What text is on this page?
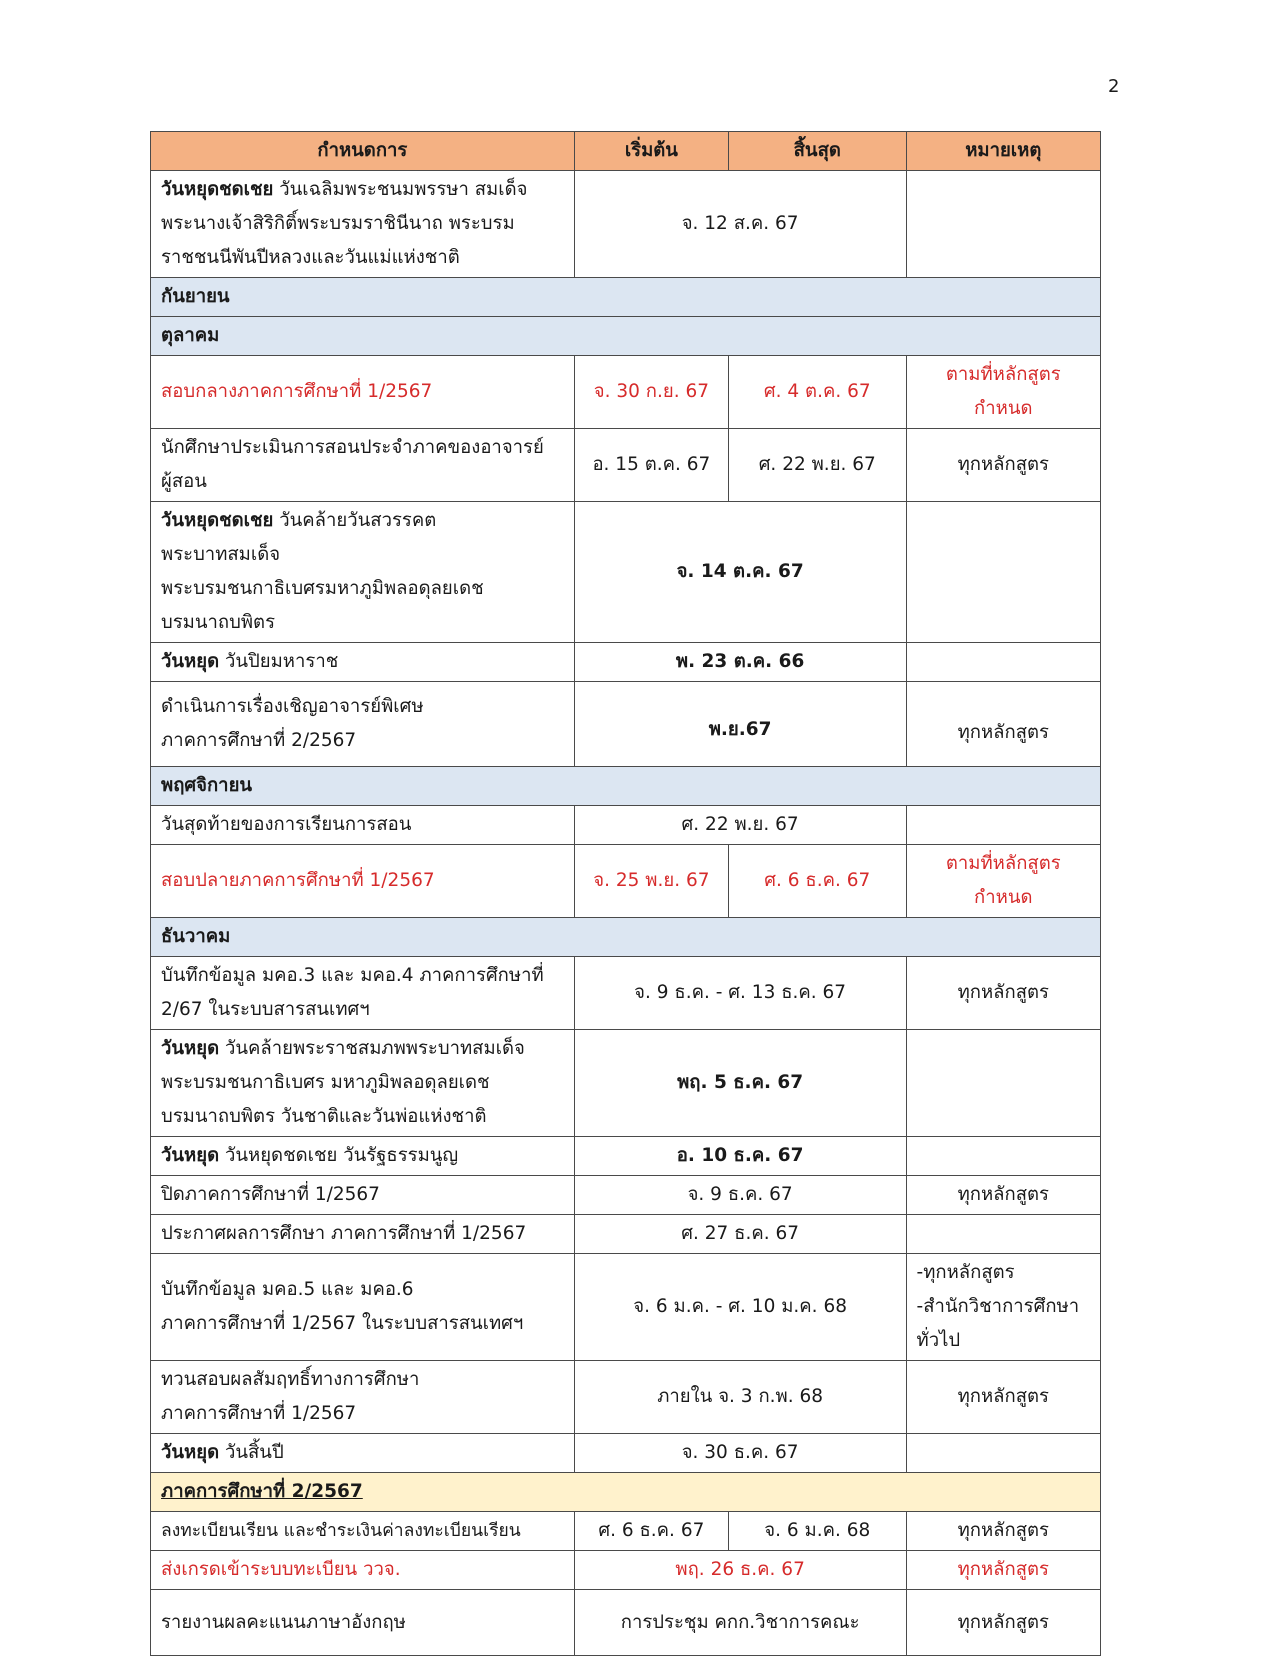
2
กำหนดการ	เริ่มต้น	สิ้นสุด	หมายเหตุ
วันหยุดชดเชย วันเฉลิมพระชนมพรรษา สมเด็จ
พระนางเจ้าสิริกิติ์พระบรมราชินีนาถ พระบรม
ราชชนนีพันปีหลวงและวันแม่แห่งชาติ	จ. 12 ส.ค. 67		
กันยายน			
ตุลาคม			
สอบกลางภาคการศึกษาที่ 1/2567	จ. 30 ก.ย. 67	ศ. 4 ต.ค. 67	ตามที่หลักสูตร
กำหนด

นักศึกษาประเมินการสอนประจำภาคของอาจารย์
ผู้สอน	อ. 15 ต.ค. 67	ศ. 22 พ.ย. 67	ทุกหลักสูตร
วันหยุดชดเชย วันคล้ายวันสวรรคต
พระบาทสมเด็จ
พระบรมชนกาธิเบศรมหาภูมิพลอดุลยเดช
บรมนาถบพิตร	จ. 14 ต.ค. 67		
วันหยุด วันปิยมหาราช	พ. 23 ต.ค. 66		

ดำเนินการเรื่องเชิญอาจารย์พิเศษ
ภาคการศึกษาที่ 2/2567	พ.ย.67		ทุกหลักสูตร
พฤศจิกายน			
วันสุดท้ายของการเรียนการสอน	ศ. 22 พ.ย. 67		
สอบปลายภาคการศึกษาที่ 1/2567	จ. 25 พ.ย. 67	ศ. 6 ธ.ค. 67	ตามที่หลักสูตร
กำหนด

ธันวาคม			

บันทึกข้อมูล มคอ.3 และ มคอ.4 ภาคการศึกษาที่
2/67 ในระบบสารสนเทศฯ	จ. 9 ธ.ค. - ศ. 13 ธ.ค. 67		ทุกหลักสูตร
วันหยุด วันคล้ายพระราชสมภพพระบาทสมเด็จ
พระบรมชนกาธิเบศร มหาภูมิพลอดุลยเดช
บรมนาถบพิตร วันชาติและวันพ่อแห่งชาติ	พฤ. 5 ธ.ค. 67		
วันหยุด วันหยุดชดเชย วันรัฐธรรมนูญ	อ. 10 ธ.ค. 67		
ปิดภาคการศึกษาที่ 1/2567	จ. 9 ธ.ค. 67		ทุกหลักสูตร
ประกาศผลการศึกษา ภาคการศึกษาที่ 1/2567	ศ. 27 ธ.ค. 67		

บันทึกข้อมูล มคอ.5 และ มคอ.6
ภาคการศึกษาที่ 1/2567 ในระบบสารสนเทศฯ	จ. 6 ม.ค. - ศ. 10 ม.ค. 68		-ทุกหลักสูตร
-สำนักวิชาการศึกษา
ทั่วไป

ทวนสอบผลสัมฤทธิ์ทางการศึกษา
ภาคการศึกษาที่ 1/2567	ภายใน จ. 3 ก.พ. 68		ทุกหลักสูตร
วันหยุด วันสิ้นปี	จ. 30 ธ.ค. 67		
ภาคการศึกษาที่ 2/2567			
ลงทะเบียนเรียน และชำระเงินค่าลงทะเบียนเรียน	ศ. 6 ธ.ค. 67	จ. 6 ม.ค. 68	ทุกหลักสูตร
ส่งเกรดเข้าระบบทะเบียน ววจ.	พฤ. 26 ธ.ค. 67		ทุกหลักสูตร
รายงานผลคะแนนภาษาอังกฤษ	การประชุม คกก.วิชาการคณะ		ทุกหลักสูตร
